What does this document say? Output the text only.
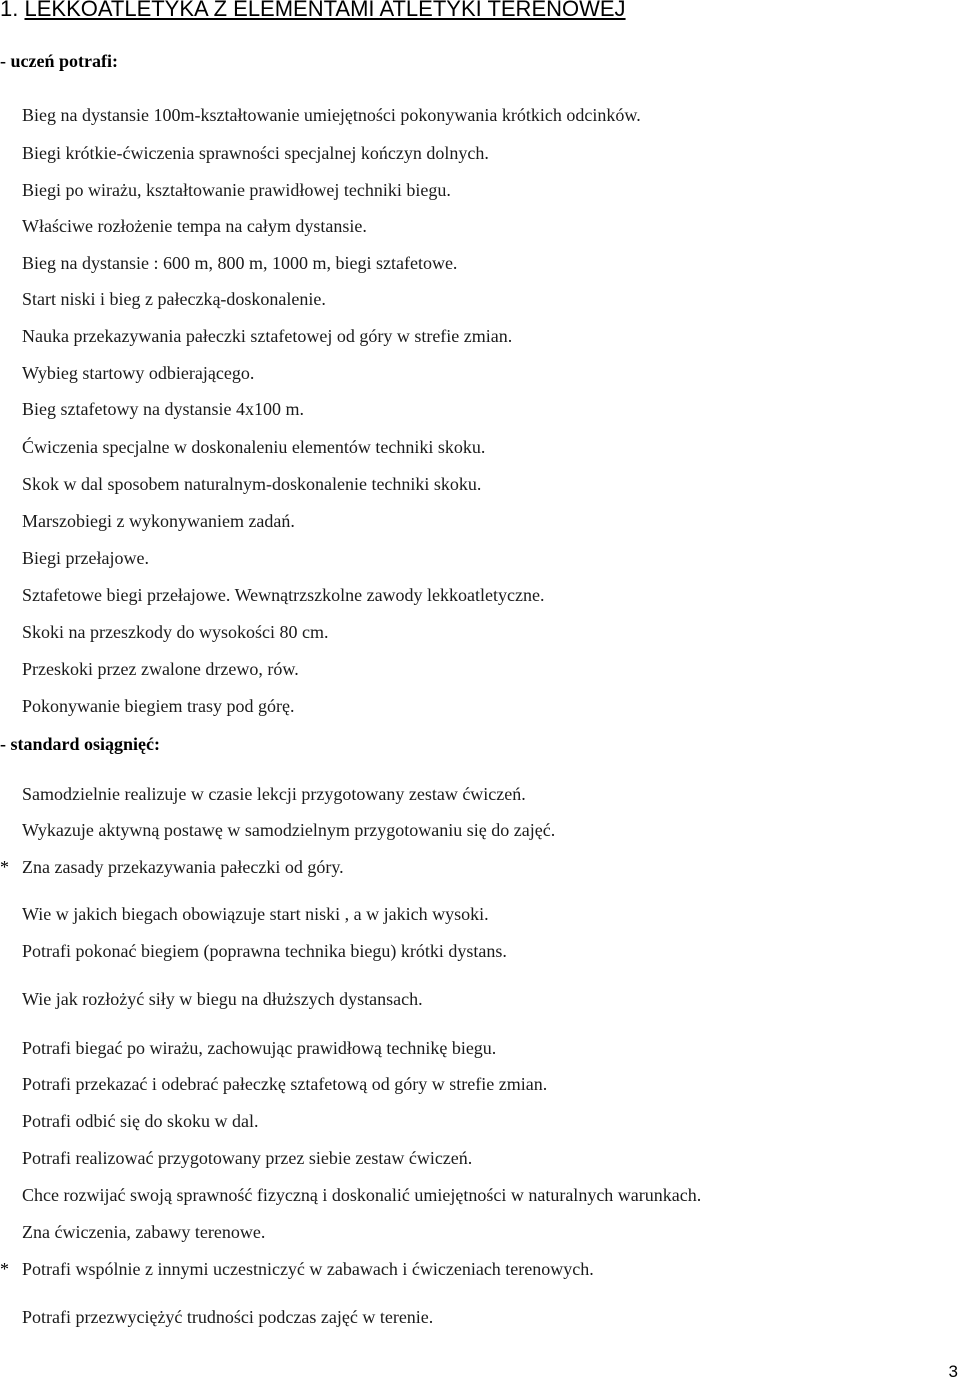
1. LEKKOATLETYKA Z ELEMENTAMI ATLETYKI TERENOWEJ
- uczeń potrafi:
Bieg na dystansie 100m-kształtowanie umiejętności pokonywania krótkich odcinków.
Biegi krótkie-ćwiczenia sprawności specjalnej kończyn dolnych.
Biegi po wirażu, kształtowanie prawidłowej techniki biegu.
Właściwe rozłożenie tempa na całym dystansie.
Bieg na dystansie : 600 m, 800 m, 1000 m, biegi sztafetowe.
Start niski i bieg z pałeczką-doskonalenie.
Nauka przekazywania pałeczki sztafetowej od góry w strefie zmian.
Wybieg startowy odbierającego.
Bieg sztafetowy na dystansie 4x100 m.
Ćwiczenia specjalne w doskonaleniu elementów techniki skoku.
Skok w dal sposobem naturalnym-doskonalenie techniki skoku.
Marszobiegi z wykonywaniem zadań.
Biegi przełajowe.
Sztafetowe biegi przełajowe. Wewnątrzszkolne zawody lekkoatletyczne.
Skoki na przeszkody do wysokości 80 cm.
Przeskoki przez zwalone drzewo, rów.
Pokonywanie biegiem trasy pod górę.
- standard osiągnięć:
Samodzielnie realizuje w czasie lekcji przygotowany zestaw ćwiczeń.
Wykazuje aktywną postawę w samodzielnym przygotowaniu się do zajęć.
* Zna zasady przekazywania pałeczki od góry.
Wie w jakich biegach obowiązuje start niski , a w jakich wysoki.
Potrafi pokonać biegiem (poprawna technika biegu) krótki dystans.
Wie jak rozłożyć siły w biegu na dłuższych dystansach.
Potrafi biegać po wirażu, zachowując prawidłową technikę biegu.
Potrafi przekazać i odebrać pałeczkę sztafetową od góry w strefie zmian.
Potrafi odbić się do skoku w dal.
Potrafi realizować przygotowany przez siebie zestaw ćwiczeń.
Chce rozwijać swoją sprawność fizyczną i doskonalić umiejętności w naturalnych warunkach.
Zna ćwiczenia, zabawy terenowe.
* Potrafi wspólnie z innymi uczestniczyć w zabawach i ćwiczeniach terenowych.
Potrafi przezwyciężyć trudności podczas zajęć w terenie.
3
